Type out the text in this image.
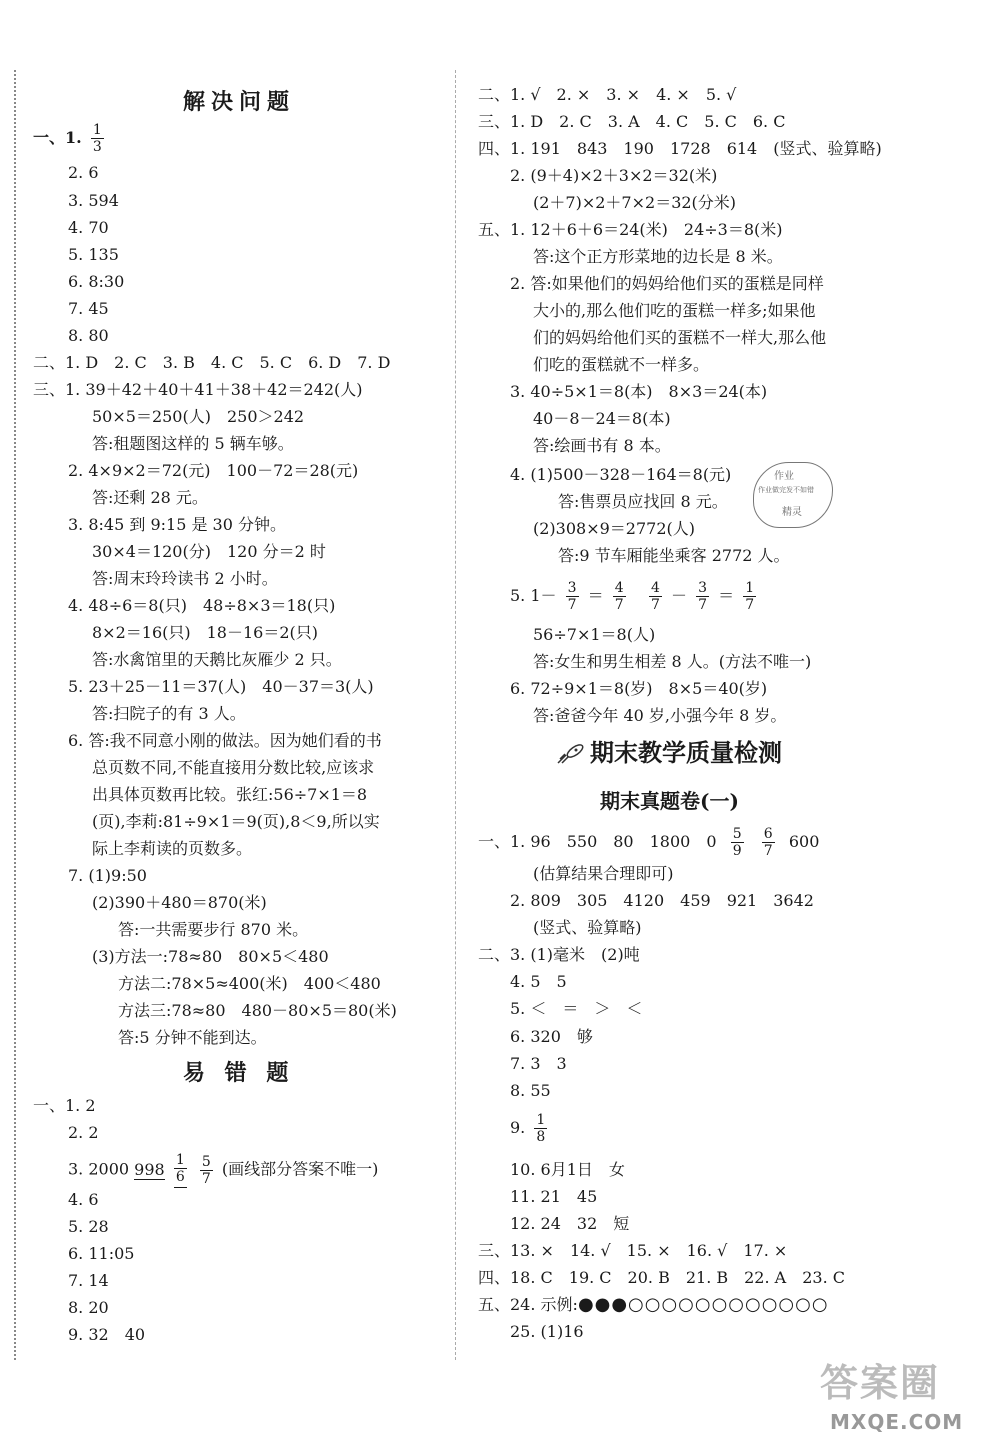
解决问题
一、1. $\frac{1}{3}$
2. 6
3. 594
4. 70
5. 135
6. 8:30
7. 45
8. 80
二、1. D　2. C　3. B　4. C　5. C　6. D　7. D
三、1. 39＋42＋40＋41＋38＋42＝242(人)
50×5＝250(人)　250＞242
答:租题图这样的 5 辆车够。
2. 4×9×2＝72(元)　100－72＝28(元)
答:还剩 28 元。
3. 8:45 到 9:15 是 30 分钟。
30×4＝120(分)　120 分＝2 时
答:周末玲玲读书 2 小时。
4. 48÷6＝8(只)　48÷8×3＝18(只)
8×2＝16(只)　18－16＝2(只)
答:水禽馆里的天鹅比灰雁少 2 只。
5. 23＋25－11＝37(人)　40－37＝3(人)
答:扫院子的有 3 人。
6. 答:我不同意小刚的做法。因为她们看的书
总页数不同,不能直接用分数比较,应该求
出具体页数再比较。张红:56÷7×1＝8
(页),李莉:81÷9×1＝9(页),8＜9,所以实
际上李莉读的页数多。
7. (1)9:50
(2)390＋480＝870(米)
答:一共需要步行 870 米。
(3)方法一:78≈80　80×5＜480
方法二:78×5≈400(米)　400＜480
方法三:78≈80　480－80×5＝80(米)
答:5 分钟不能到达。
易 错 题
一、1. 2
2. 2
3. 2000 $998 \frac{1}{6}$
$\frac{5}{7}$ (画线部分答案不唯一)
4. 6
5. 28
6. 11:05
7. 14
8. 20
9. 32　40
二、1. √　2. ×　3. ×　4. ×　5. √
三、1. D　2. C　3. A　4. C　5. C　6. C
四、1. 191　843　190　1728　614　(竖式、验算略)
2. (9＋4)×2＋3×2＝32(米)
(2＋7)×2＋7×2＝32(分米)
五、1. 12＋6＋6＝24(米)　24÷3＝8(米)
答:这个正方形菜地的边长是 8 米。
2. 答:如果他们的妈妈给他们买的蛋糕是同样
大小的,那么他们吃的蛋糕一样多;如果他
们的妈妈给他们买的蛋糕不一样大,那么他
们吃的蛋糕就不一样多。
3. 40÷5×1＝8(本)　8×3＝24(本)
40－8－24＝8(本)
答:绘画书有 8 本。
4. (1)500－328－164＝8(元)
答:售票员应找回 8 元。
(2)308×9＝2772(人)
答:9 节车厢能坐乘客 2772 人。
作业
作业做完发不如错
精灵
5. $1- \frac{3}{7} = \frac{4}{7}$
$\frac{4}{7} - \frac{3}{7} = \frac{1}{7}$
56÷7×1＝8(人)
答:女生和男生相差 8 人。(方法不唯一)
6. 72÷9×1＝8(岁)　8×5＝40(岁)
答:爸爸今年 40 岁,小强今年 8 岁。
期末教学质量检测
期末真题卷(一)
一、1. 96　550　80　1800　$0 \frac{5}{9}$
$\frac{6}{7} 600$
(估算结果合理即可)
2. 809　305　4120　459　921　3642
(竖式、验算略)
二、3. (1)毫米　(2)吨
4. 5　5
5. ＜　＝　＞　＜
6. 320　够
7. 3　3
8. 55
9. $\frac{1}{8}$
10. 6月1日　女
11. 21　45
12. 24　32　短
三、13. ×　14. √　15. ×　16. √　17. ×
四、18. C　19. C　20. B　21. B　22. A　23. C
五、24. 示例:●●●○○○○○○○○○○○○
25. (1)16
答案圈
MXQE.COM
